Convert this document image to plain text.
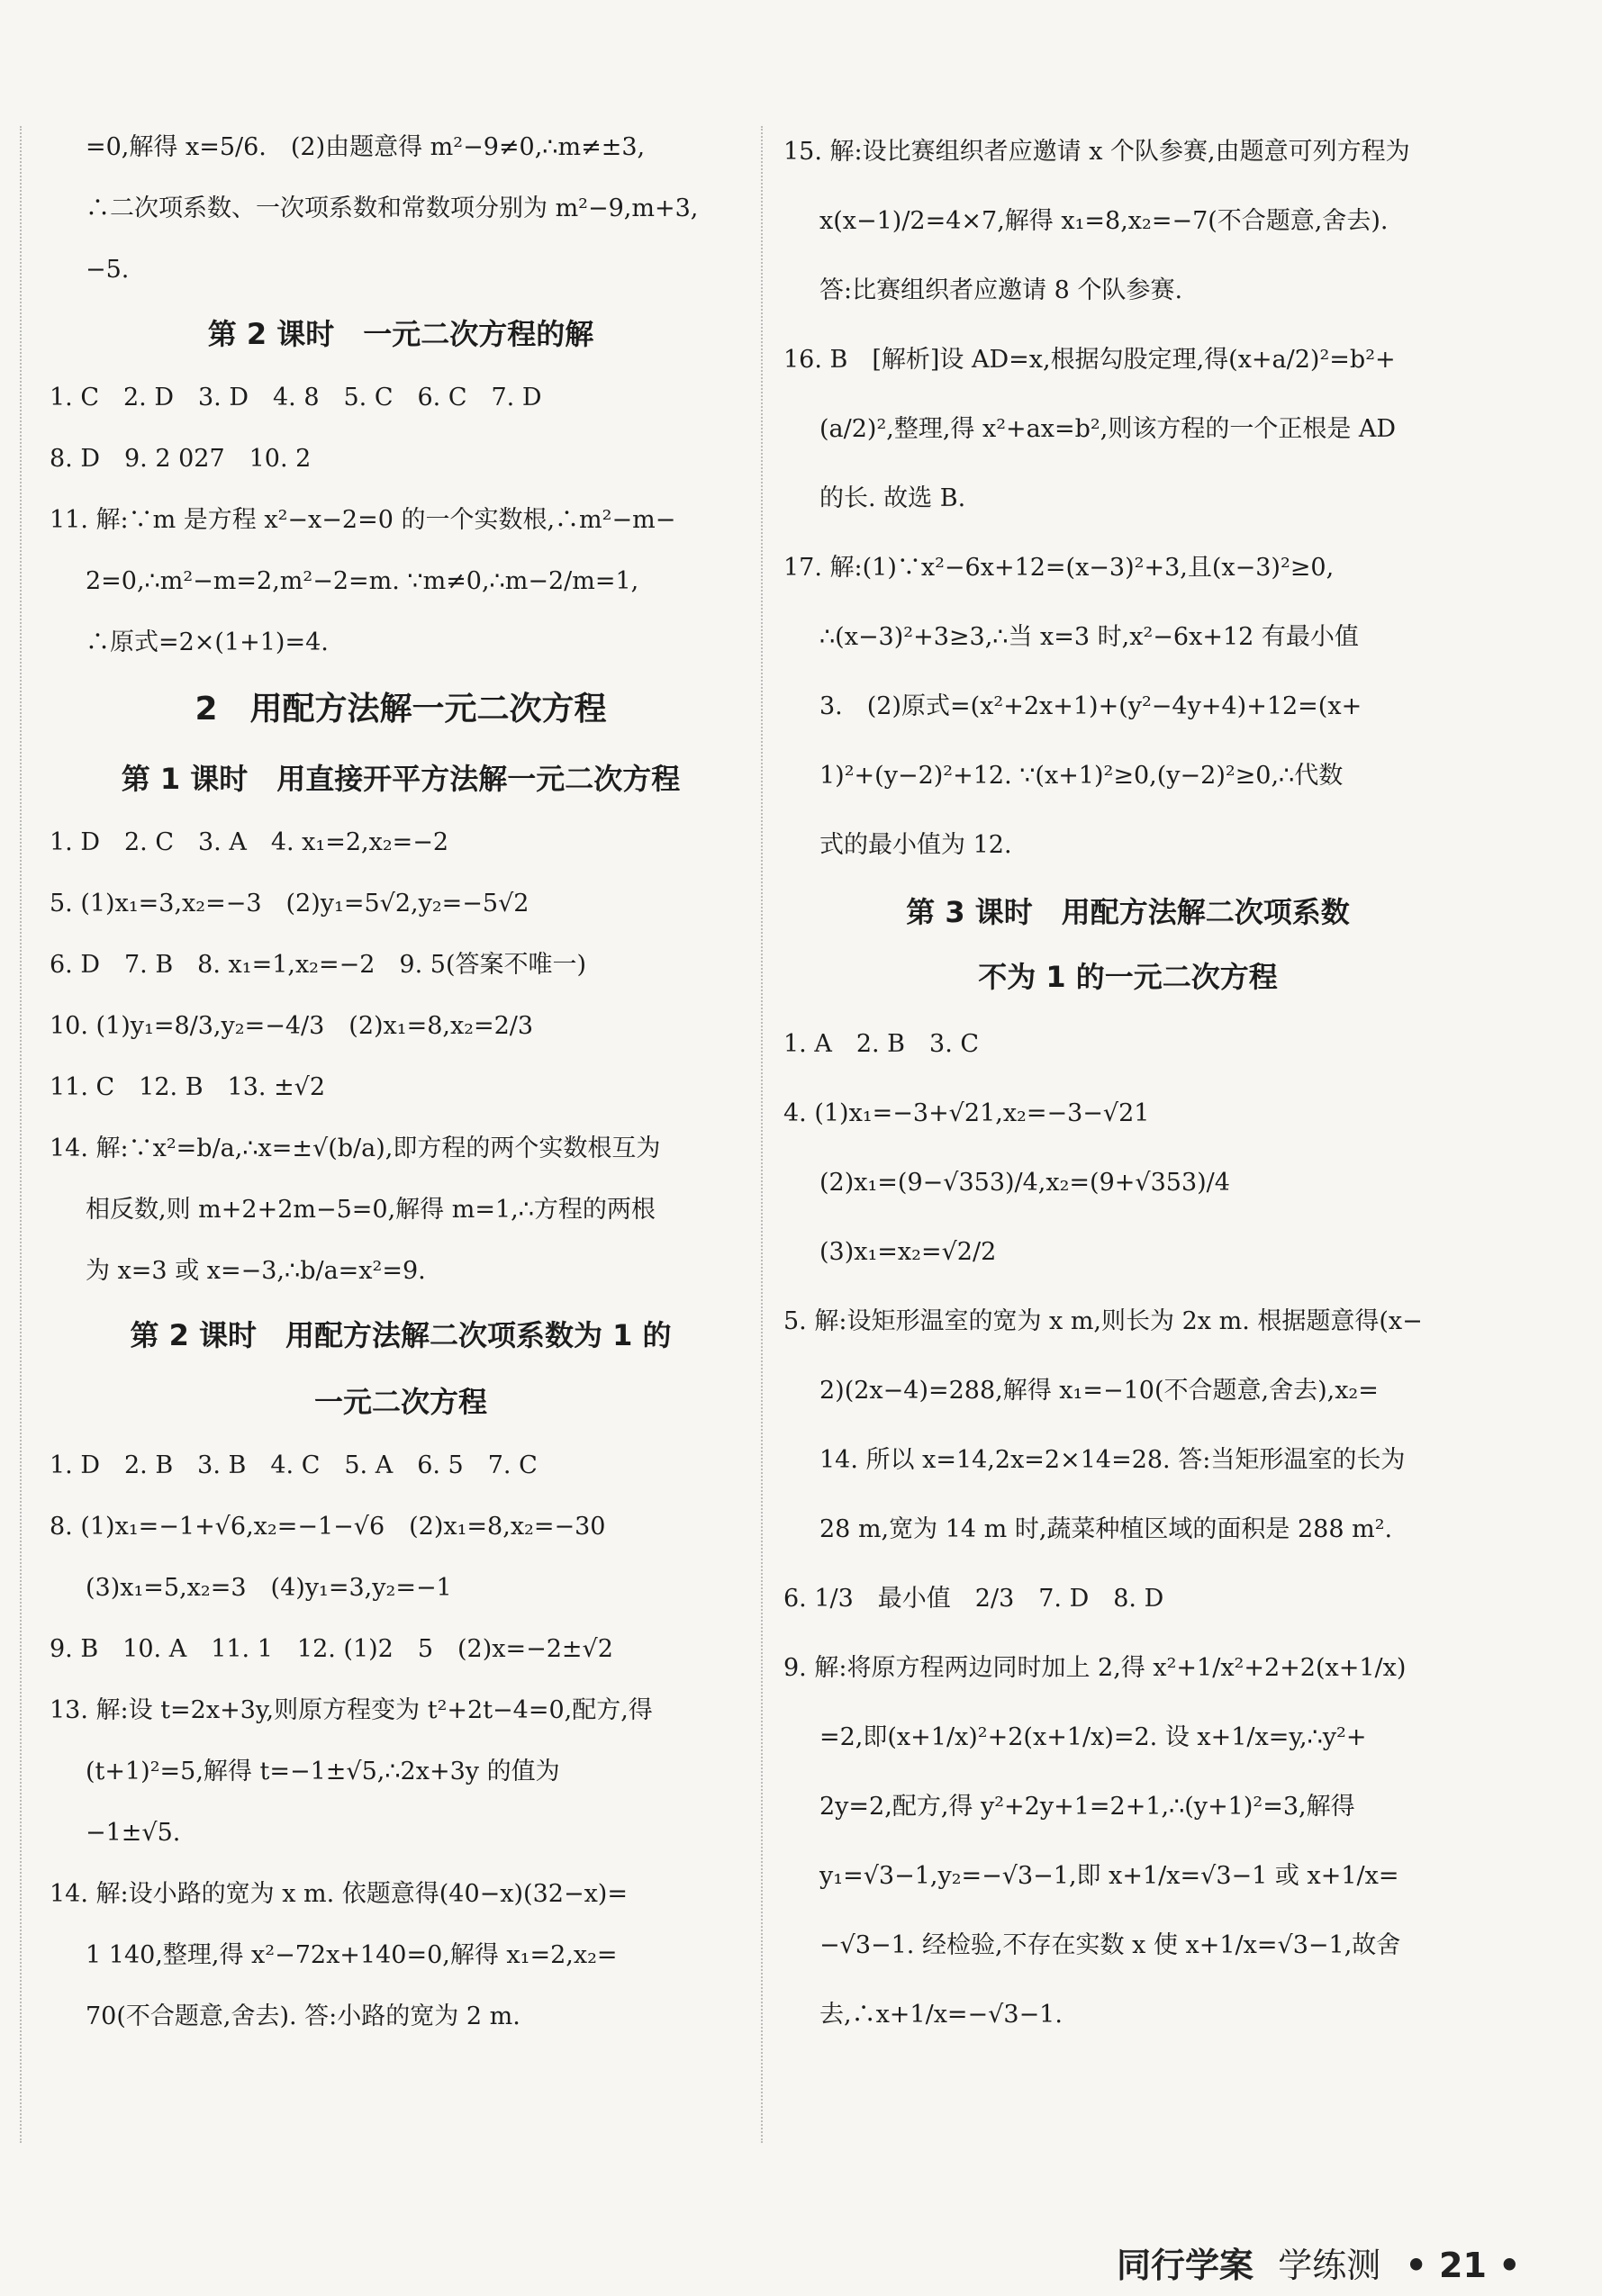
=0,解得 x=5/6.　(2)由题意得 m²−9≠0,∴m≠±3,

∴二次项系数、一次项系数和常数项分别为 m²−9,m+3,

−5.

第 2 课时　一元二次方程的解

1. C　2. D　3. D　4. 8　5. C　6. C　7. D

8. D　9. 2 027　10. 2

11. 解:∵m 是方程 x²−x−2=0 的一个实数根,∴m²−m−

2=0,∴m²−m=2,m²−2=m. ∵m≠0,∴m−2/m=1,

∴原式=2×(1+1)=4.

2　用配方法解一元二次方程

第 1 课时　用直接开平方法解一元二次方程

1. D　2. C　3. A　4. x₁=2,x₂=−2

5. (1)x₁=3,x₂=−3　(2)y₁=5√2,y₂=−5√2

6. D　7. B　8. x₁=1,x₂=−2　9. 5(答案不唯一)

10. (1)y₁=8/3,y₂=−4/3　(2)x₁=8,x₂=2/3

11. C　12. B　13. ±√2

14. 解:∵x²=b/a,∴x=±√(b/a),即方程的两个实数根互为

相反数,则 m+2+2m−5=0,解得 m=1,∴方程的两根

为 x=3 或 x=−3,∴b/a=x²=9.

第 2 课时　用配方法解二次项系数为 1 的

一元二次方程

1. D　2. B　3. B　4. C　5. A　6. 5　7. C

8. (1)x₁=−1+√6,x₂=−1−√6　(2)x₁=8,x₂=−30

(3)x₁=5,x₂=3　(4)y₁=3,y₂=−1

9. B　10. A　11. 1　12. (1)2　5　(2)x=−2±√2

13. 解:设 t=2x+3y,则原方程变为 t²+2t−4=0,配方,得

(t+1)²=5,解得 t=−1±√5,∴2x+3y 的值为

−1±√5.

14. 解:设小路的宽为 x m. 依题意得(40−x)(32−x)=

1 140,整理,得 x²−72x+140=0,解得 x₁=2,x₂=

70(不合题意,舍去). 答:小路的宽为 2 m.

15. 解:设比赛组织者应邀请 x 个队参赛,由题意可列方程为

x(x−1)/2=4×7,解得 x₁=8,x₂=−7(不合题意,舍去).

答:比赛组织者应邀请 8 个队参赛.

16. B　[解析]设 AD=x,根据勾股定理,得(x+a/2)²=b²+

(a/2)²,整理,得 x²+ax=b²,则该方程的一个正根是 AD

的长. 故选 B.

17. 解:(1)∵x²−6x+12=(x−3)²+3,且(x−3)²≥0,

∴(x−3)²+3≥3,∴当 x=3 时,x²−6x+12 有最小值

3.　(2)原式=(x²+2x+1)+(y²−4y+4)+12=(x+

1)²+(y−2)²+12. ∵(x+1)²≥0,(y−2)²≥0,∴代数

式的最小值为 12.

第 3 课时　用配方法解二次项系数

不为 1 的一元二次方程

1. A　2. B　3. C

4. (1)x₁=−3+√21,x₂=−3−√21

(2)x₁=(9−√353)/4,x₂=(9+√353)/4

(3)x₁=x₂=√2/2

5. 解:设矩形温室的宽为 x m,则长为 2x m. 根据题意得(x−

2)(2x−4)=288,解得 x₁=−10(不合题意,舍去),x₂=

14. 所以 x=14,2x=2×14=28. 答:当矩形温室的长为

28 m,宽为 14 m 时,蔬菜种植区域的面积是 288 m².

6. 1/3　最小值　2/3　7. D　8. D

9. 解:将原方程两边同时加上 2,得 x²+1/x²+2+2(x+1/x)

=2,即(x+1/x)²+2(x+1/x)=2. 设 x+1/x=y,∴y²+

2y=2,配方,得 y²+2y+1=2+1,∴(y+1)²=3,解得

y₁=√3−1,y₂=−√3−1,即 x+1/x=√3−1 或 x+1/x=

−√3−1. 经检验,不存在实数 x 使 x+1/x=√3−1,故舍

去,∴x+1/x=−√3−1.

同行学案 学练测 • 21 •
